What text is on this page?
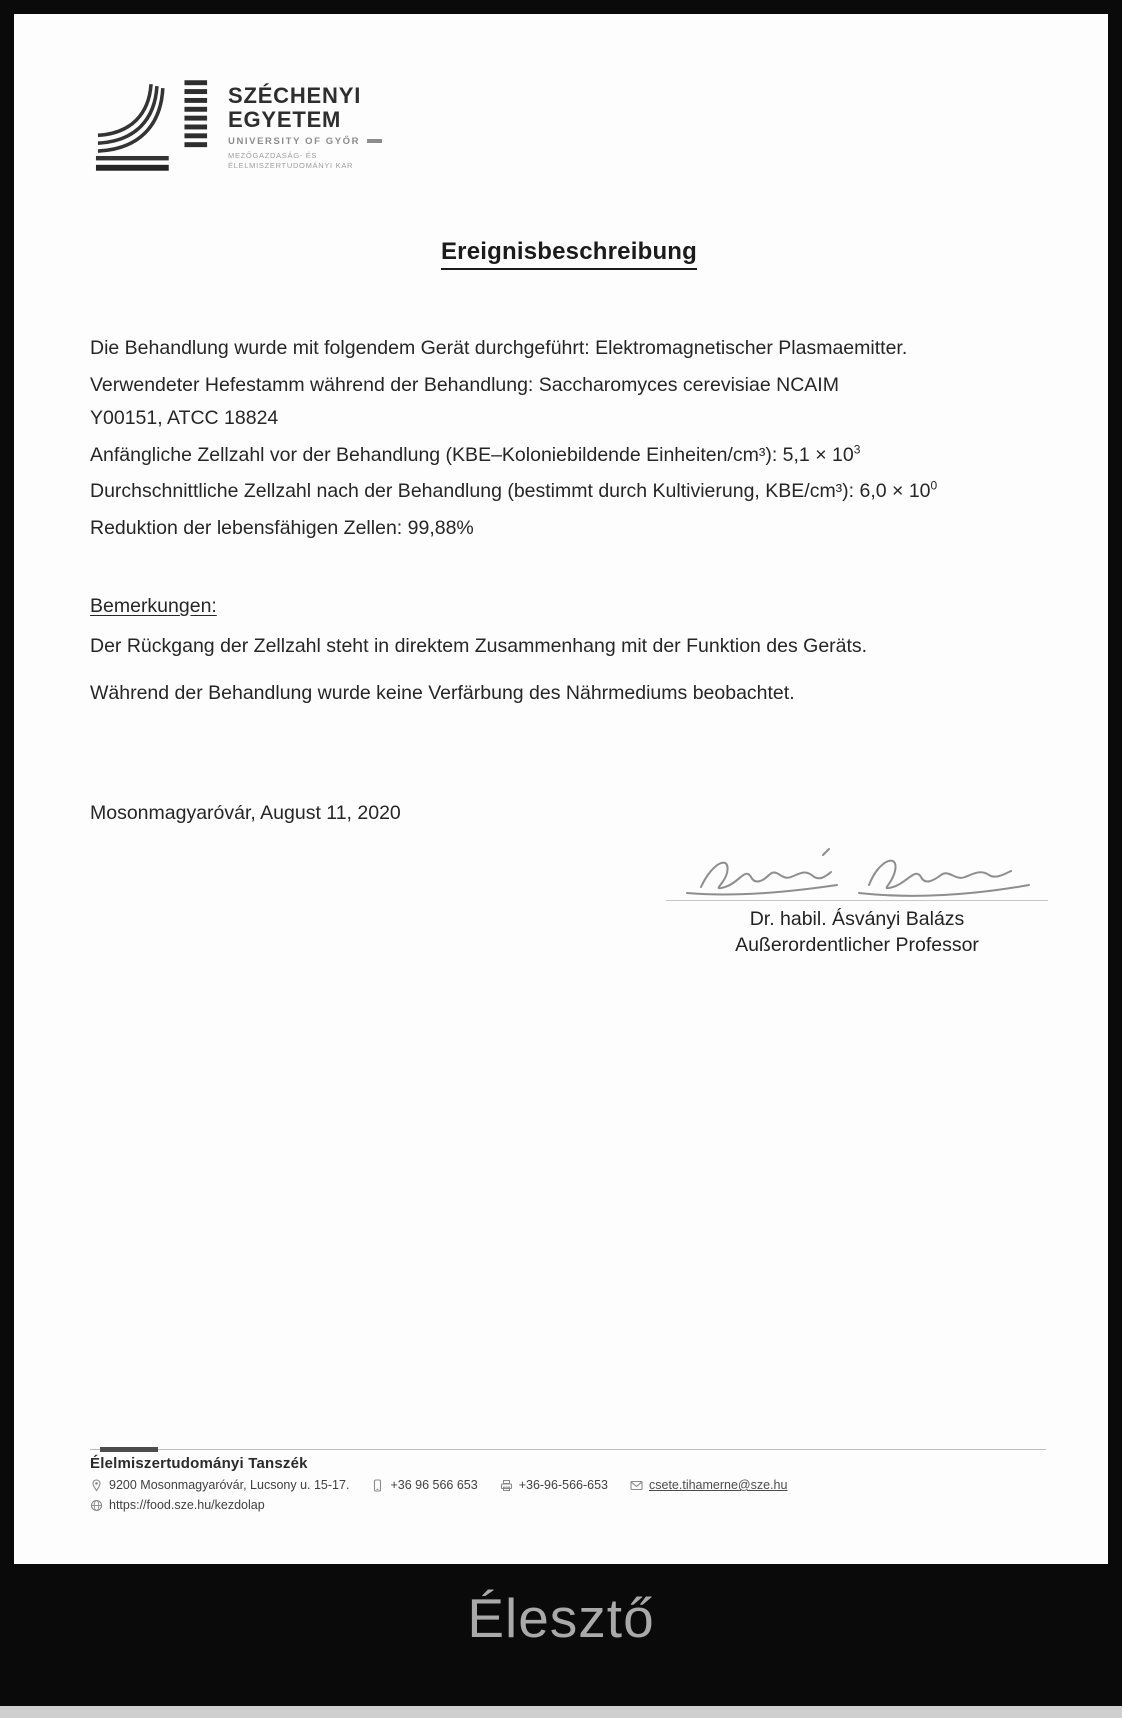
SZÉCHENYI
EGYETEM
UNIVERSITY OF GYŐR
MEZŐGAZDASÁG- ÉS
ÉLELMISZERTUDOMÁNYI KAR
Ereignisbeschreibung

Die Behandlung wurde mit folgendem Gerät durchgeführt: Elektromagnetischer Plasmaemitter.

Verwendeter Hefestamm während der Behandlung: Saccharomyces cerevisiae NCAIM
Y00151, ATCC 18824

Anfängliche Zellzahl vor der Behandlung (KBE–Koloniebildende Einheiten/cm³): $5,1 \times 10^3$

Durchschnittliche Zellzahl nach der Behandlung (bestimmt durch Kultivierung, KBE/cm³): $6,0 \times 10^0$

Reduktion der lebensfähigen Zellen: 99,88%

Bemerkungen:

Der Rückgang der Zellzahl steht in direktem Zusammenhang mit der Funktion des Geräts.

Während der Behandlung wurde keine Verfärbung des Nährmediums beobachtet.

Mosonmagyaróvár, August 11, 2020
Dr. habil. Ásványi Balázs
Außerordentlicher Professor
Élelmiszertudományi Tanszék
9200 Mosonmagyaróvár, Lucsony u. 15-17.	+36 96 566 653	+36-96-566-653	csete.tihamerne@sze.hu
https://food.sze.hu/kezdolap
Élesztő
